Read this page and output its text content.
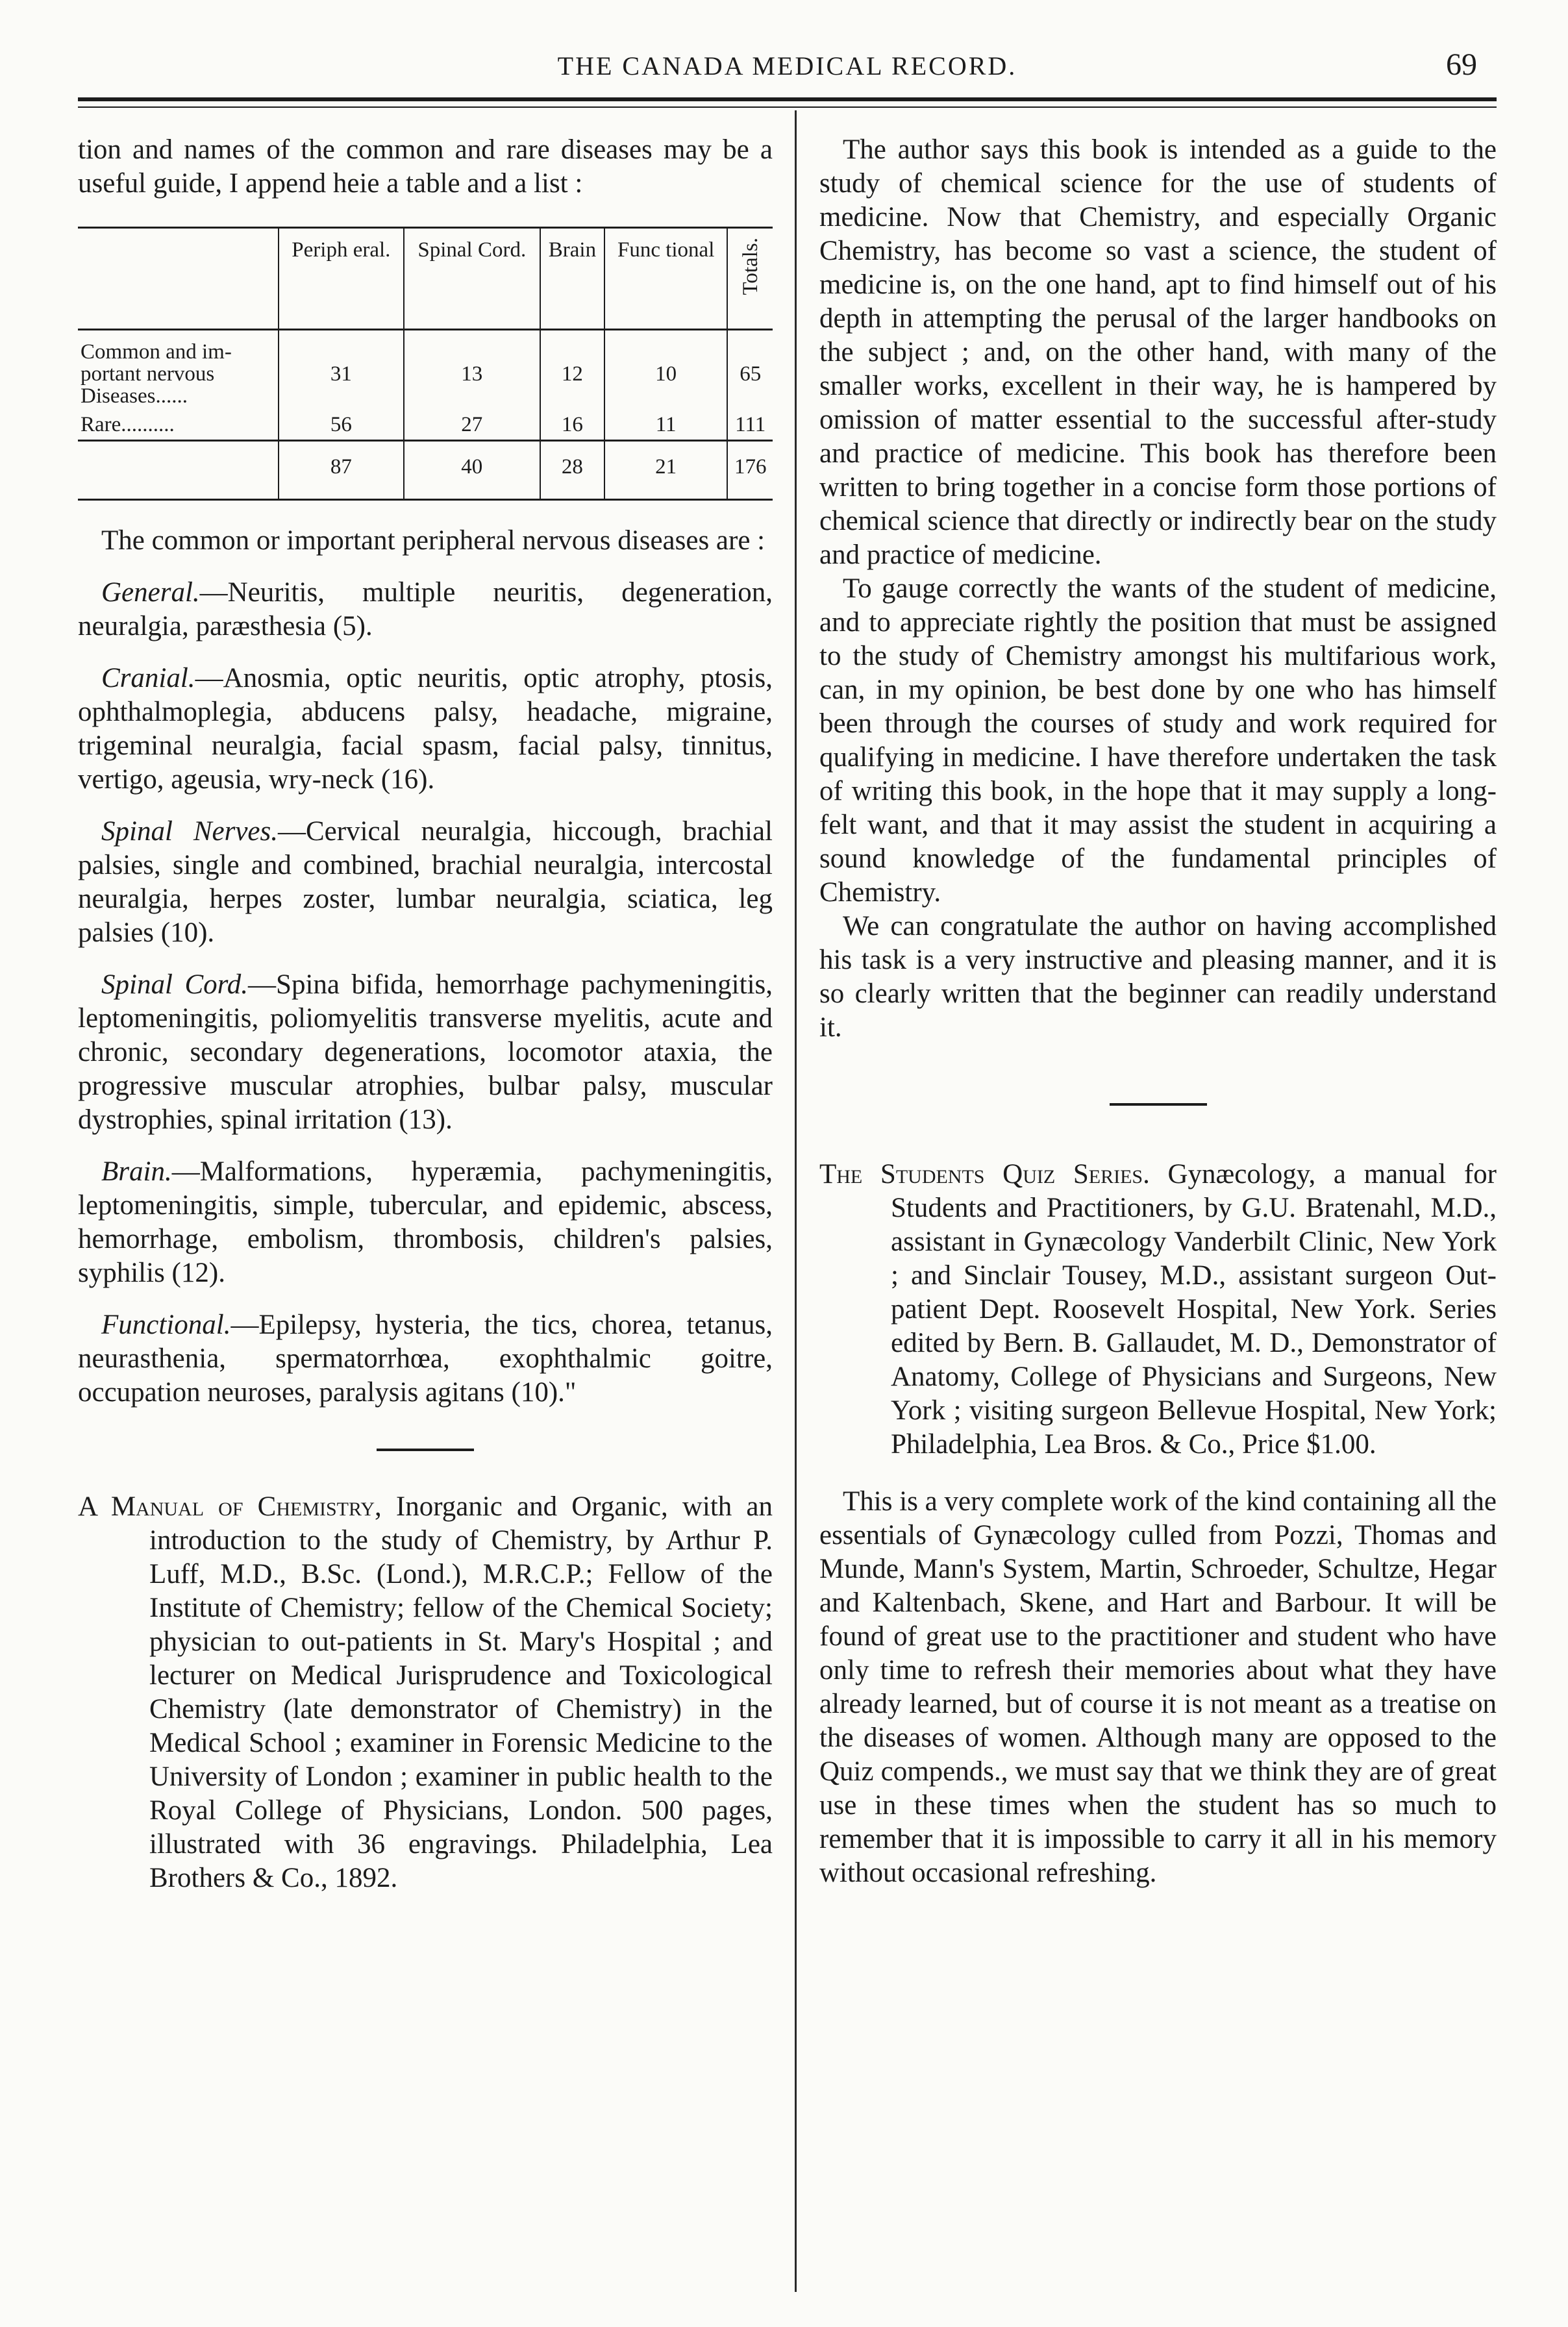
THE CANADA MEDICAL RECORD.	69

tion and names of the common and rare diseases may be a useful guide, I append heie a table and a list :

	Periph eral.	Spinal Cord.	Brain	Func tional	Totals.

Common and im- portant nervous Diseases......	31	13	12	10	65
Rare..........	56	27	16	11	111
	87	40	28	21	176

The common or important peripheral nervous diseases are :

General.—Neuritis, multiple neuritis, degeneration, neuralgia, paræsthesia (5).

Cranial.—Anosmia, optic neuritis, optic atrophy, ptosis, ophthalmoplegia, abducens palsy, headache, migraine, trigeminal neuralgia, facial spasm, facial palsy, tinnitus, vertigo, ageusia, wry-neck (16).

Spinal Nerves.—Cervical neuralgia, hiccough, brachial palsies, single and combined, brachial neuralgia, intercostal neuralgia, herpes zoster, lumbar neuralgia, sciatica, leg palsies (10).

Spinal Cord.—Spina bifida, hemorrhage pachymeningitis, leptomeningitis, poliomyelitis transverse myelitis, acute and chronic, secondary degenerations, locomotor ataxia, the progressive muscular atrophies, bulbar palsy, muscular dystrophies, spinal irritation (13).

Brain.—Malformations, hyperæmia, pachymeningitis, leptomeningitis, simple, tubercular, and epidemic, abscess, hemorrhage, embolism, thrombosis, children's palsies, syphilis (12).

Functional.—Epilepsy, hysteria, the tics, chorea, tetanus, neurasthenia, spermatorrhœa, exophthalmic goitre, occupation neuroses, paralysis agitans (10)."

A Manual of Chemistry, Inorganic and Organic, with an introduction to the study of Chemistry, by Arthur P. Luff, M.D., B.Sc. (Lond.), M.R.C.P.; Fellow of the Institute of Chemistry; fellow of the Chemical Society; physician to out-patients in St. Mary's Hospital ; and lecturer on Medical Jurisprudence and Toxicological Chemistry (late demonstrator of Chemistry) in the Medical School ; examiner in Forensic Medicine to the University of London ; examiner in public health to the Royal College of Physicians, London. 500 pages, illustrated with 36 engravings. Philadelphia, Lea Brothers & Co., 1892.

The author says this book is intended as a guide to the study of chemical science for the use of students of medicine. Now that Chemistry, and especially Organic Chemistry, has become so vast a science, the student of medicine is, on the one hand, apt to find himself out of his depth in attempting the perusal of the larger handbooks on the subject ; and, on the other hand, with many of the smaller works, excellent in their way, he is hampered by omission of matter essential to the successful after-study and practice of medicine. This book has therefore been written to bring together in a concise form those portions of chemical science that directly or indirectly bear on the study and practice of medicine.

To gauge correctly the wants of the student of medicine, and to appreciate rightly the position that must be assigned to the study of Chemistry amongst his multifarious work, can, in my opinion, be best done by one who has himself been through the courses of study and work required for qualifying in medicine. I have therefore undertaken the task of writing this book, in the hope that it may supply a long-felt want, and that it may assist the student in acquiring a sound knowledge of the fundamental principles of Chemistry.

We can congratulate the author on having accomplished his task is a very instructive and pleasing manner, and it is so clearly written that the beginner can readily understand it.

The Students Quiz Series. Gynæcology, a manual for Students and Practitioners, by G.U. Bratenahl, M.D., assistant in Gynæcology Vanderbilt Clinic, New York ; and Sinclair Tousey, M.D., assistant surgeon Out-patient Dept. Roosevelt Hospital, New York. Series edited by Bern. B. Gallaudet, M. D., Demonstrator of Anatomy, College of Physicians and Surgeons, New York ; visiting surgeon Bellevue Hospital, New York; Philadelphia, Lea Bros. & Co., Price $1.00.

This is a very complete work of the kind containing all the essentials of Gynæcology culled from Pozzi, Thomas and Munde, Mann's System, Martin, Schroeder, Schultze, Hegar and Kaltenbach, Skene, and Hart and Barbour. It will be found of great use to the practitioner and student who have only time to refresh their memories about what they have already learned, but of course it is not meant as a treatise on the diseases of women. Although many are opposed to the Quiz compends., we must say that we think they are of great use in these times when the student has so much to remember that it is impossible to carry it all in his memory without occasional refreshing.
